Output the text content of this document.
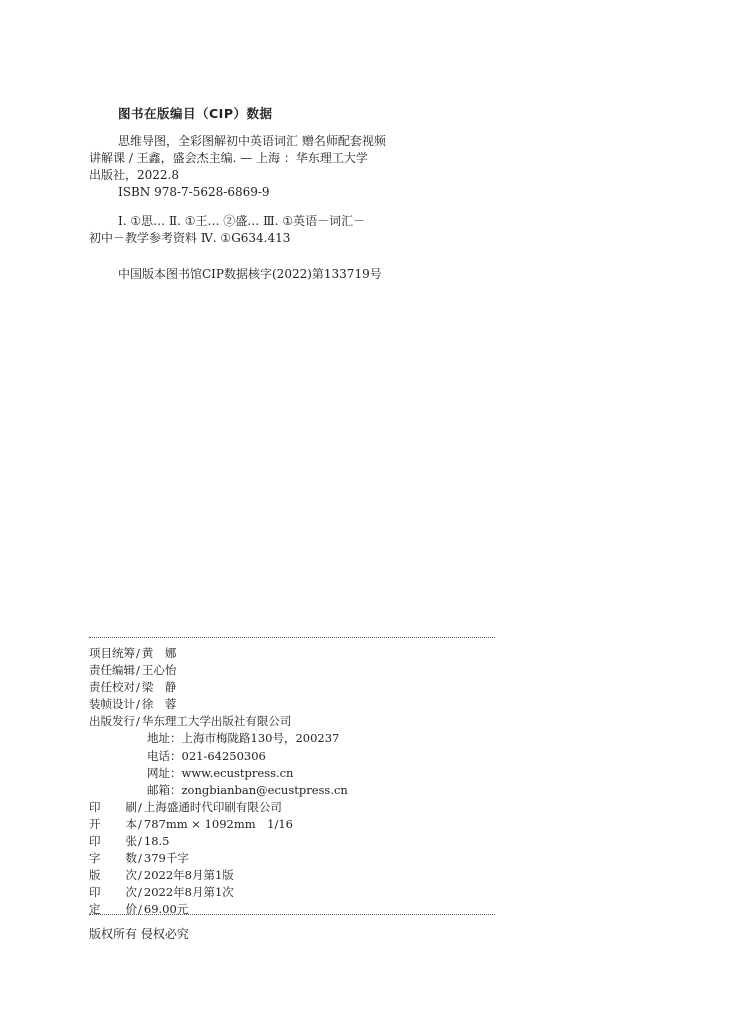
图书在版编目（CIP）数据

思维导图，全彩图解初中英语词汇 赠名师配套视频

讲解课 / 王鑫，盛会杰主编. — 上海 ：华东理工大学

出版社，2022.8

ISBN 978-7-5628-6869-9

Ⅰ. ①思… Ⅱ. ①王… ②盛… Ⅲ. ①英语－词汇－

初中－教学参考资料 Ⅳ. ①G634.413

中国版本图书馆CIP数据核字(2022)第133719号
项目统筹/ 黄　娜
责任编辑/ 王心怡
责任校对/ 梁　静
装帧设计/ 徐　蓉
出版发行/ 华东理工大学出版社有限公司
地址：上海市梅陇路130号，200237
电话：021-64250306
网址：www.ecustpress.cn
邮箱：zongbianban@ecustpress.cn
印刷/ 上海盛通时代印刷有限公司
开本/ 787mm × 1092mm　1/16
印张/ 18.5
字数/ 379千字
版次/ 2022年8月第1版
印次/ 2022年8月第1次
定价/ 69.00元
版权所有 侵权必究
